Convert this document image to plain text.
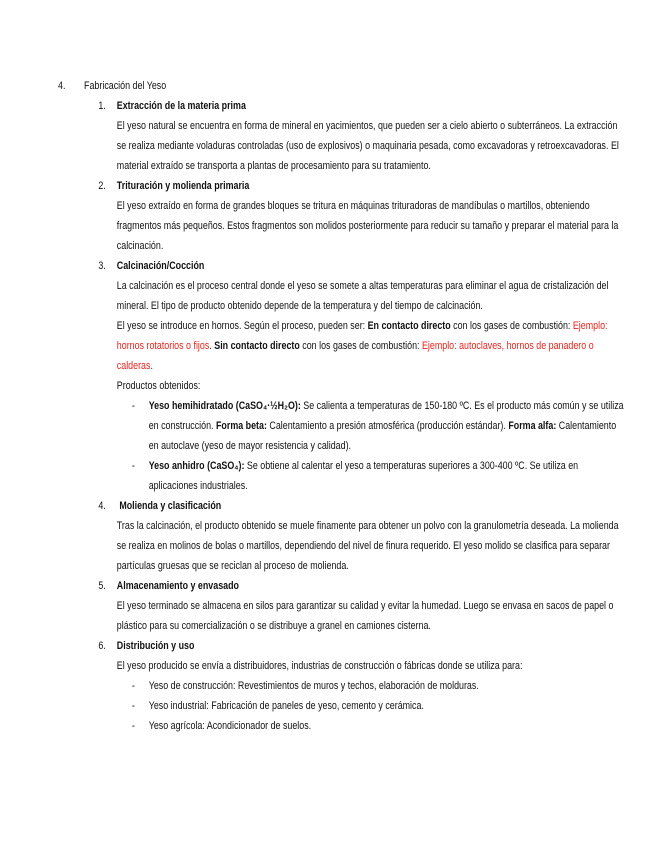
4. Fabricación del Yeso
1. Extracción de la materia prima

El yeso natural se encuentra en forma de mineral en yacimientos, que pueden ser a cielo abierto o subterráneos. La extracción se realiza mediante voladuras controladas (uso de explosivos) o maquinaria pesada, como excavadoras y retroexcavadoras. El material extraído se transporta a plantas de procesamiento para su tratamiento.

2. Trituración y molienda primaria

El yeso extraído en forma de grandes bloques se tritura en máquinas trituradoras de mandíbulas o martillos, obteniendo fragmentos más pequeños. Estos fragmentos son molidos posteriormente para reducir su tamaño y preparar el material para la calcinación.

3. Calcinación/Cocción

La calcinación es el proceso central donde el yeso se somete a altas temperaturas para eliminar el agua de cristalización del mineral. El tipo de producto obtenido depende de la temperatura y del tiempo de calcinación.

El yeso se introduce en hornos. Según el proceso, pueden ser: En contacto directo con los gases de combustión: Ejemplo: hornos rotatorios o fijos. Sin contacto directo con los gases de combustión: Ejemplo: autoclaves, hornos de panadero o calderas.

Productos obtenidos:

- Yeso hemihidratado (CaSO₄·½H₂O): Se calienta a temperaturas de 150-180 ºC. Es el producto más común y se utiliza en construcción. Forma beta: Calentamiento a presión atmosférica (producción estándar). Forma alfa: Calentamiento en autoclave (yeso de mayor resistencia y calidad).
- Yeso anhidro (CaSO₄): Se obtiene al calentar el yeso a temperaturas superiores a 300-400 ºC. Se utiliza en aplicaciones industriales.
4. Molienda y clasificación

Tras la calcinación, el producto obtenido se muele finamente para obtener un polvo con la granulometría deseada. La molienda se realiza en molinos de bolas o martillos, dependiendo del nivel de finura requerido. El yeso molido se clasifica para separar partículas gruesas que se reciclan al proceso de molienda.

5. Almacenamiento y envasado

El yeso terminado se almacena en silos para garantizar su calidad y evitar la humedad. Luego se envasa en sacos de papel o plástico para su comercialización o se distribuye a granel en camiones cisterna.

6. Distribución y uso

El yeso producido se envía a distribuidores, industrias de construcción o fábricas donde se utiliza para:

- Yeso de construcción: Revestimientos de muros y techos, elaboración de molduras.
- Yeso industrial: Fabricación de paneles de yeso, cemento y cerámica.
- Yeso agrícola: Acondicionador de suelos.
